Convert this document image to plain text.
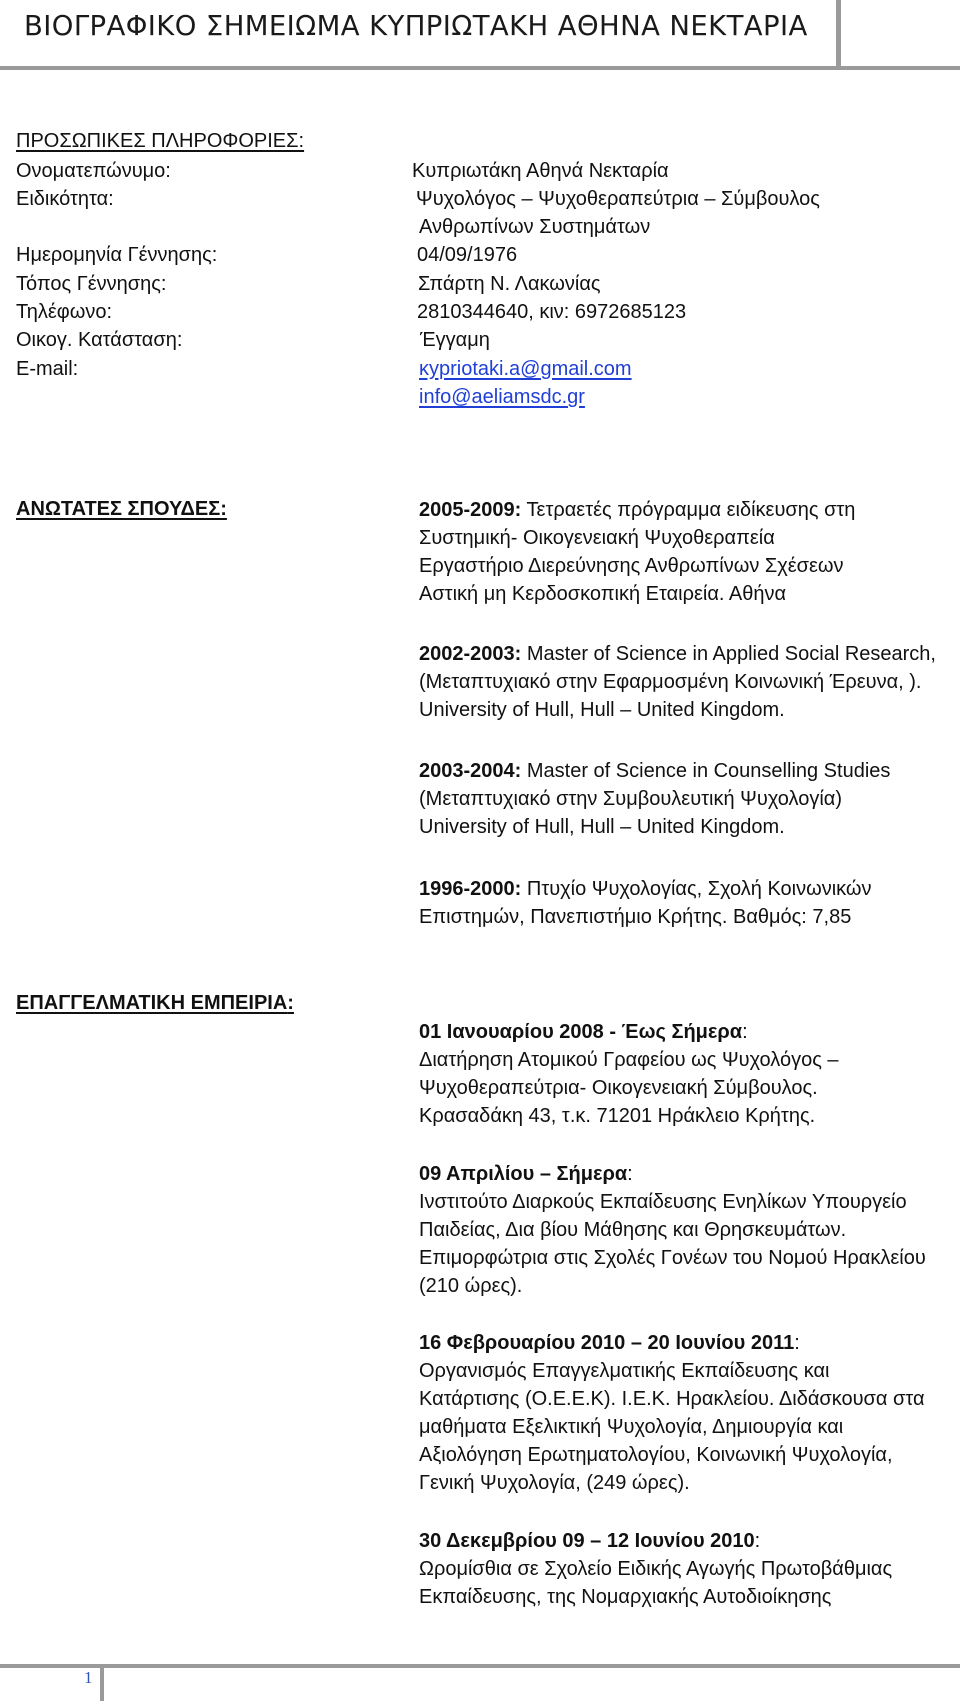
ΒΙΟΓΡΑΦΙΚΟ ΣΗΜΕΙΩΜΑ ΚΥΠΡΙΩΤΑΚΗ ΑΘΗΝΑ ΝΕΚΤΑΡΙΑ
ΠΡΟΣΩΠΙΚΕΣ ΠΛΗΡΟΦΟΡΙΕΣ:
Ονοματεπώνυμο:	Κυπριωτάκη Αθηνά Νεκταρία
Ειδικότητα:	Ψυχολόγος – Ψυχοθεραπεύτρια – Σύμβουλος
Ανθρωπίνων Συστημάτων
Ημερομηνία Γέννησης:	04/09/1976
Τόπος Γέννησης:	Σπάρτη Ν. Λακωνίας
Τηλέφωνο:	2810344640, κιν: 6972685123
Οικογ. Κατάσταση:	Έγγαμη
E-mail:	κypriotaki.a@gmail.com
info@aeliamsdc.gr
ΑΝΩΤΑΤΕΣ ΣΠΟΥΔΕΣ:	2005-2009: Τετραετές πρόγραμμα ειδίκευσης στη
Συστημική- Οικογενειακή Ψυχοθεραπεία
Εργαστήριο Διερεύνησης Ανθρωπίνων Σχέσεων
Αστική μη Κερδοσκοπική Εταιρεία. Αθήνα
2002-2003: Master of Science in Applied Social Research,
(Μεταπτυχιακό στην Εφαρμοσμένη Κοινωνική Έρευνα, ).
University of Hull, Hull – United Kingdom.
2003-2004: Master of Science in Counselling Studies
(Μεταπτυχιακό στην Συμβουλευτική Ψυχολογία)
University of Hull, Hull – United Kingdom.
1996-2000: Πτυχίο Ψυχολογίας, Σχολή Κοινωνικών
Επιστημών, Πανεπιστήμιο Κρήτης. Βαθμός: 7,85
ΕΠΑΓΓΕΛΜΑΤΙΚΗ ΕΜΠΕΙΡΙΑ:
01 Ιανουαρίου 2008 - Έως Σήμερα:
Διατήρηση Ατομικού Γραφείου ως Ψυχολόγος –
Ψυχοθεραπεύτρια- Οικογενειακή Σύμβουλος.
Κρασαδάκη 43, τ.κ. 71201 Ηράκλειο Κρήτης.
09 Απριλίου – Σήμερα:
Ινστιτούτο Διαρκούς Εκπαίδευσης Ενηλίκων Υπουργείο
Παιδείας, Δια βίου Μάθησης και Θρησκευμάτων.
Επιμορφώτρια στις Σχολές Γονέων του Νομού Ηρακλείου
(210 ώρες).
16 Φεβρουαρίου 2010 – 20 Ιουνίου 2011:
Οργανισμός Επαγγελματικής Εκπαίδευσης και
Κατάρτισης (Ο.Ε.Ε.Κ). Ι.Ε.Κ. Ηρακλείου. Διδάσκουσα στα
μαθήματα Εξελικτική Ψυχολογία, Δημιουργία και
Αξιολόγηση Ερωτηματολογίου, Κοινωνική Ψυχολογία,
Γενική Ψυχολογία, (249 ώρες).
30 Δεκεμβρίου 09 – 12 Ιουνίου 2010:
Ωρομίσθια σε Σχολείο Ειδικής Αγωγής Πρωτοβάθμιας
Εκπαίδευσης, της Νομαρχιακής Αυτοδιοίκησης
1
